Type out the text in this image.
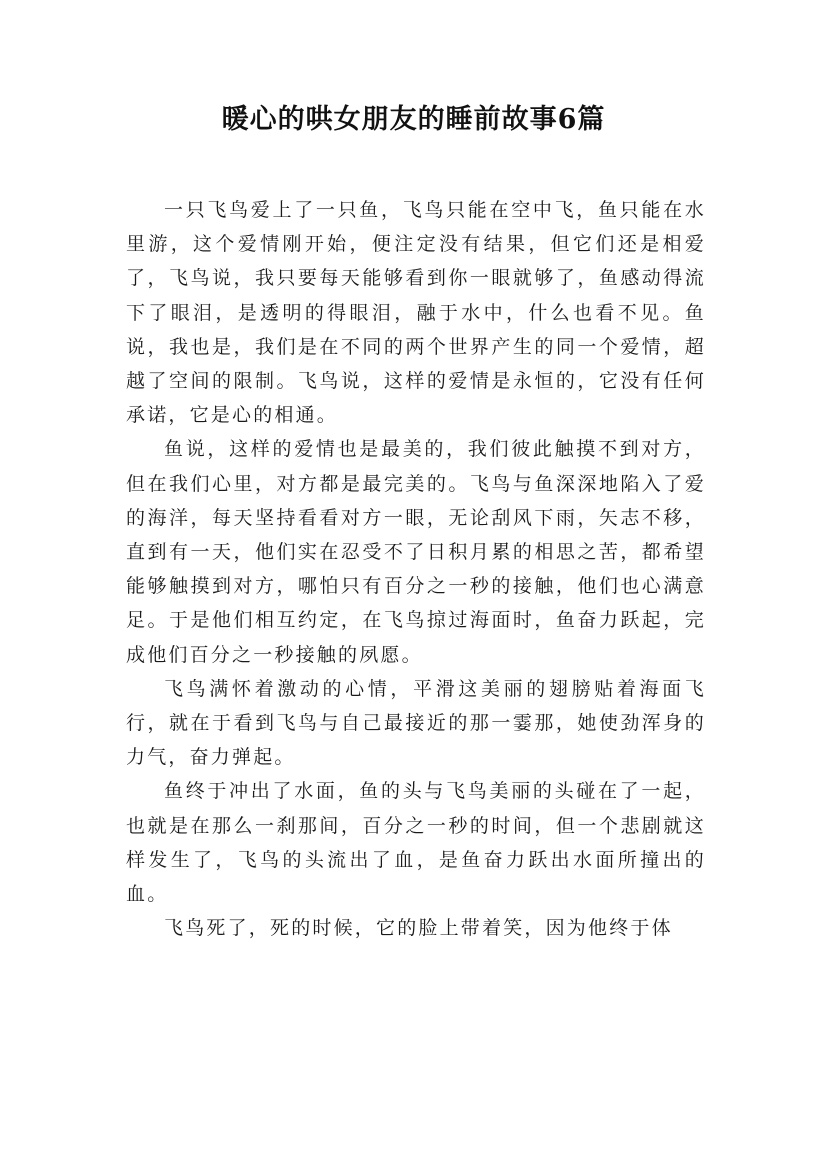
暖心的哄女朋友的睡前故事6篇

一只飞鸟爱上了一只鱼，飞鸟只能在空中飞，鱼只能在水里游，这个爱情刚开始，便注定没有结果，但它们还是相爱了，飞鸟说，我只要每天能够看到你一眼就够了，鱼感动得流下了眼泪，是透明的得眼泪，融于水中，什么也看不见。鱼说，我也是，我们是在不同的两个世界产生的同一个爱情，超越了空间的限制。飞鸟说，这样的爱情是永恒的，它没有任何承诺，它是心的相通。

鱼说，这样的爱情也是最美的，我们彼此触摸不到对方，但在我们心里，对方都是最完美的。飞鸟与鱼深深地陷入了爱的海洋，每天坚持看看对方一眼，无论刮风下雨，矢志不移，直到有一天，他们实在忍受不了日积月累的相思之苦，都希望能够触摸到对方，哪怕只有百分之一秒的接触，他们也心满意足。于是他们相互约定，在飞鸟掠过海面时，鱼奋力跃起，完成他们百分之一秒接触的夙愿。

飞鸟满怀着激动的心情，平滑这美丽的翅膀贴着海面飞行，就在于看到飞鸟与自己最接近的那一霎那，她使劲浑身的力气，奋力弹起。

鱼终于冲出了水面，鱼的头与飞鸟美丽的头碰在了一起，也就是在那么一刹那间，百分之一秒的时间，但一个悲剧就这样发生了，飞鸟的头流出了血，是鱼奋力跃出水面所撞出的血。

飞鸟死了，死的时候，它的脸上带着笑，因为他终于体
